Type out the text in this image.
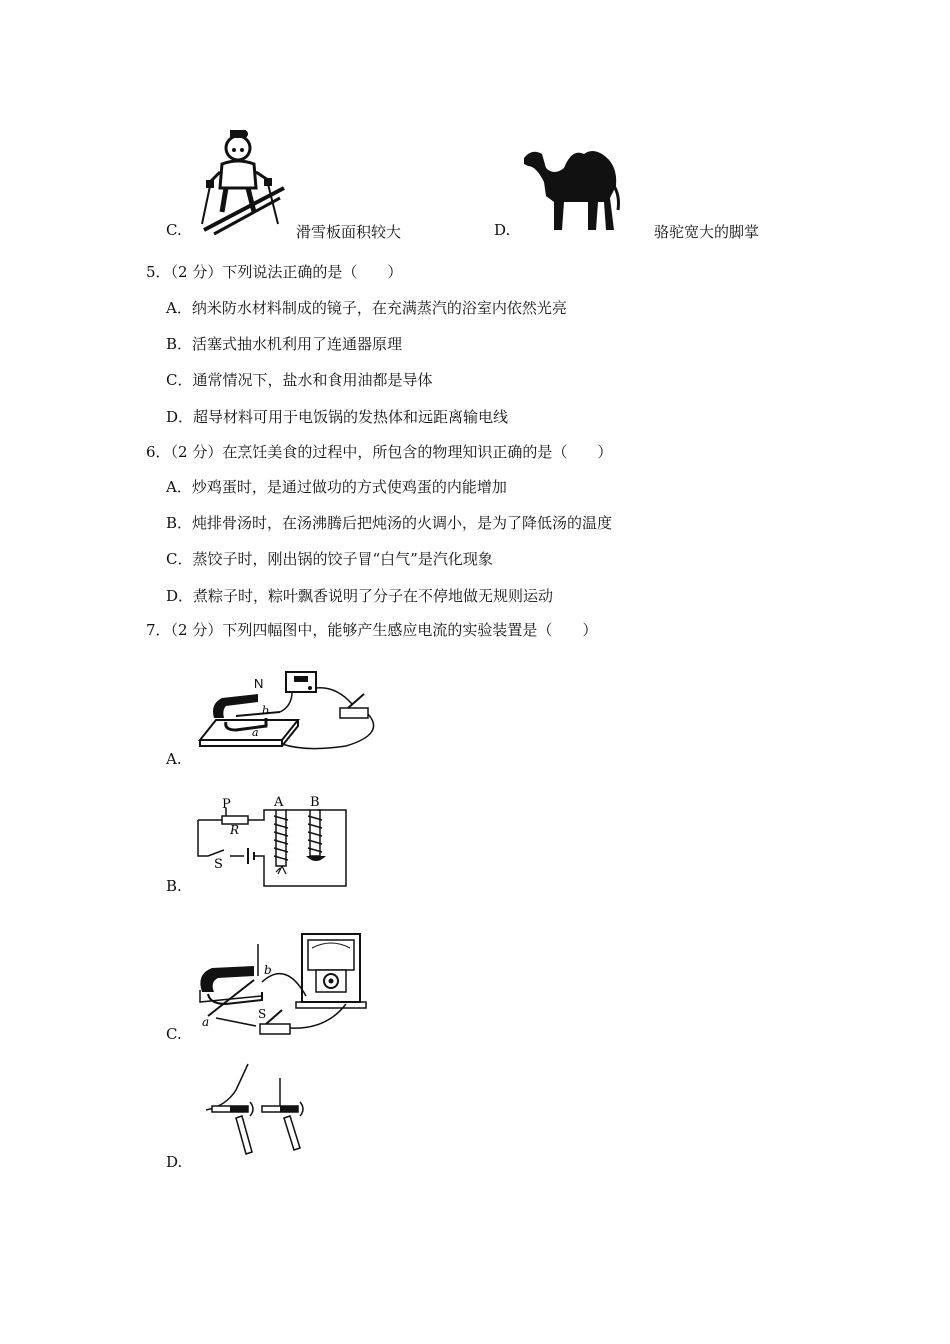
C.	滑雪板面积较大	D.	骆驼宽大的脚掌
5．（2 分）下列说法正确的是（　　）
A．纳米防水材料制成的镜子，在充满蒸汽的浴室内依然光亮
B．活塞式抽水机利用了连通器原理
C．通常情况下，盐水和食用油都是导体
D．超导材料可用于电饭锅的发热体和远距离输电线
6．（2 分）在烹饪美食的过程中，所包含的物理知识正确的是（　　）
A．炒鸡蛋时，是通过做功的方式使鸡蛋的内能增加
B．炖排骨汤时，在汤沸腾后把炖汤的火调小，是为了降低汤的温度
C．蒸饺子时，刚出锅的饺子冒“白气”是汽化现象
D．煮粽子时，粽叶飘香说明了分子在不停地做无规则运动
7．（2 分）下列四幅图中，能够产生感应电流的实验装置是（　　）
N
b
a
A.
P
R
A B
S
B.
b
a
S
C.
D.
